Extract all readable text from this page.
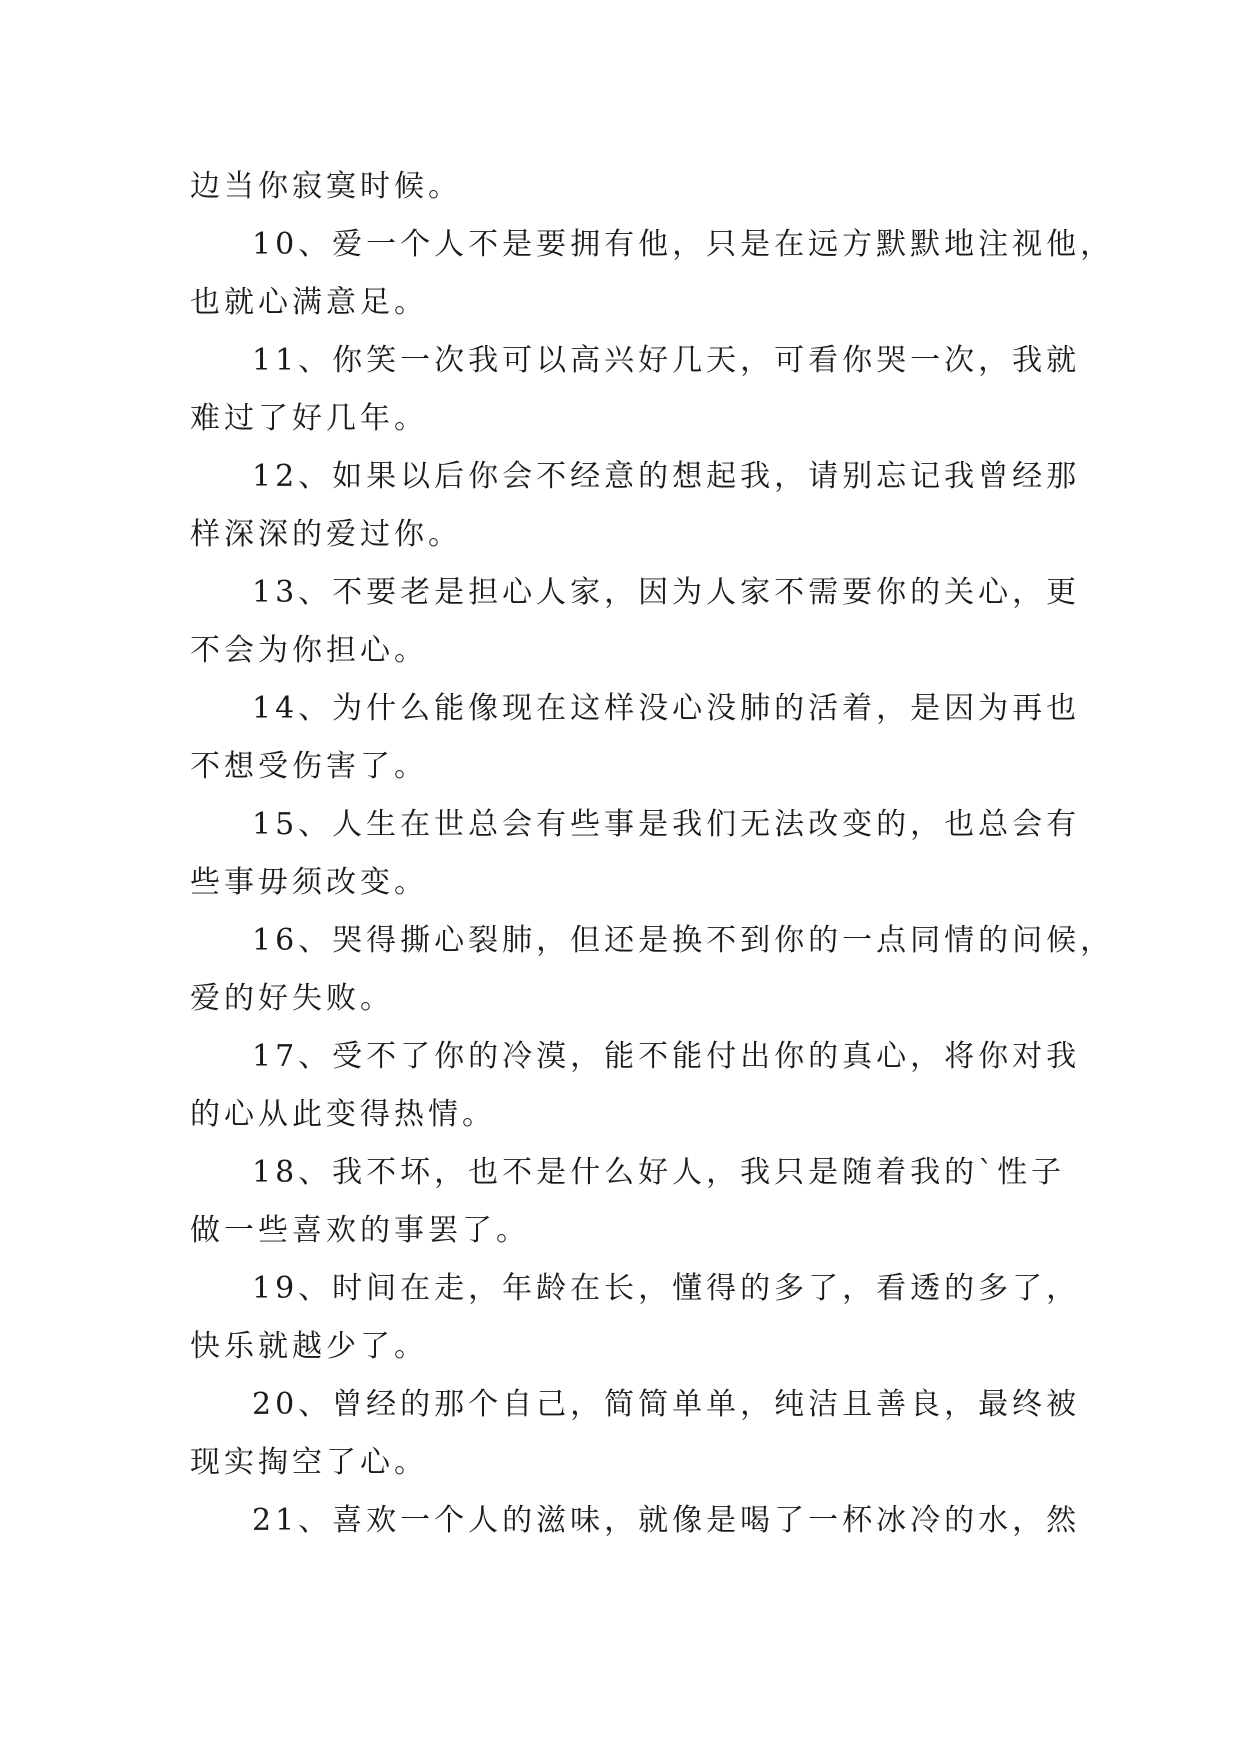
边当你寂寞时候。
10、爱一个人不是要拥有他，只是在远方默默地注视他，
也就心满意足。
11、你笑一次我可以高兴好几天，可看你哭一次，我就
难过了好几年。
12、如果以后你会不经意的想起我，请别忘记我曾经那
样深深的爱过你。
13、不要老是担心人家，因为人家不需要你的关心，更
不会为你担心。
14、为什么能像现在这样没心没肺的活着，是因为再也
不想受伤害了。
15、人生在世总会有些事是我们无法改变的，也总会有
些事毋须改变。
16、哭得撕心裂肺，但还是换不到你的一点同情的问候，
爱的好失败。
17、受不了你的冷漠，能不能付出你的真心，将你对我
的心从此变得热情。
18、我不坏，也不是什么好人，我只是随着我的`性子
做一些喜欢的事罢了。
19、时间在走，年龄在长，懂得的多了，看透的多了，
快乐就越少了。
20、曾经的那个自己，简简单单，纯洁且善良，最终被
现实掏空了心。
21、喜欢一个人的滋味，就像是喝了一杯冰冷的水，然
